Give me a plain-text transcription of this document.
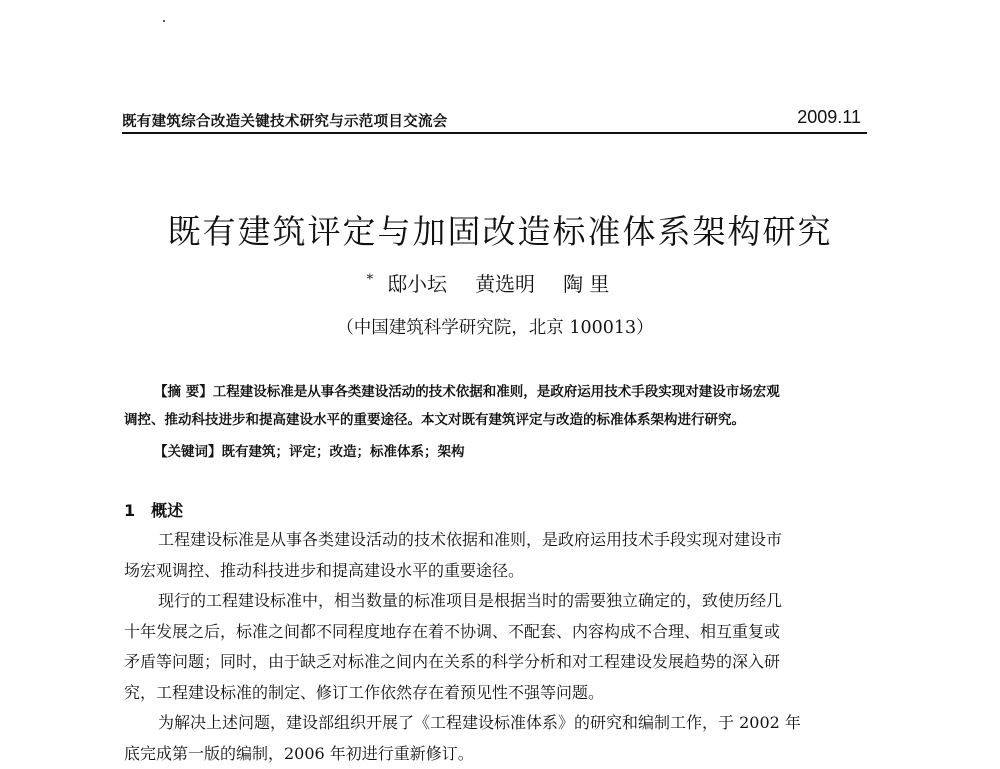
既有建筑综合改造关键技术研究与示范项目交流会	2009.11
既有建筑评定与加固改造标准体系架构研究
* 邸小坛 黄选明 陶 里
（中国建筑科学研究院，北京 100013）
【摘 要】工程建设标准是从事各类建设活动的技术依据和准则，是政府运用技术手段实现对建设市场宏观
调控、推动科技进步和提高建设水平的重要途径。本文对既有建筑评定与改造的标准体系架构进行研究。
【关键词】既有建筑；评定；改造；标准体系；架构
1 概述
工程建设标准是从事各类建设活动的技术依据和准则，是政府运用技术手段实现对建设市
场宏观调控、推动科技进步和提高建设水平的重要途径。
现行的工程建设标准中，相当数量的标准项目是根据当时的需要独立确定的，致使历经几
十年发展之后，标准之间都不同程度地存在着不协调、不配套、内容构成不合理、相互重复或
矛盾等问题；同时，由于缺乏对标准之间内在关系的科学分析和对工程建设发展趋势的深入研
究，工程建设标准的制定、修订工作依然存在着预见性不强等问题。
为解决上述问题，建设部组织开展了《工程建设标准体系》的研究和编制工作，于 2002 年
底完成第一版的编制，2006 年初进行重新修订。
